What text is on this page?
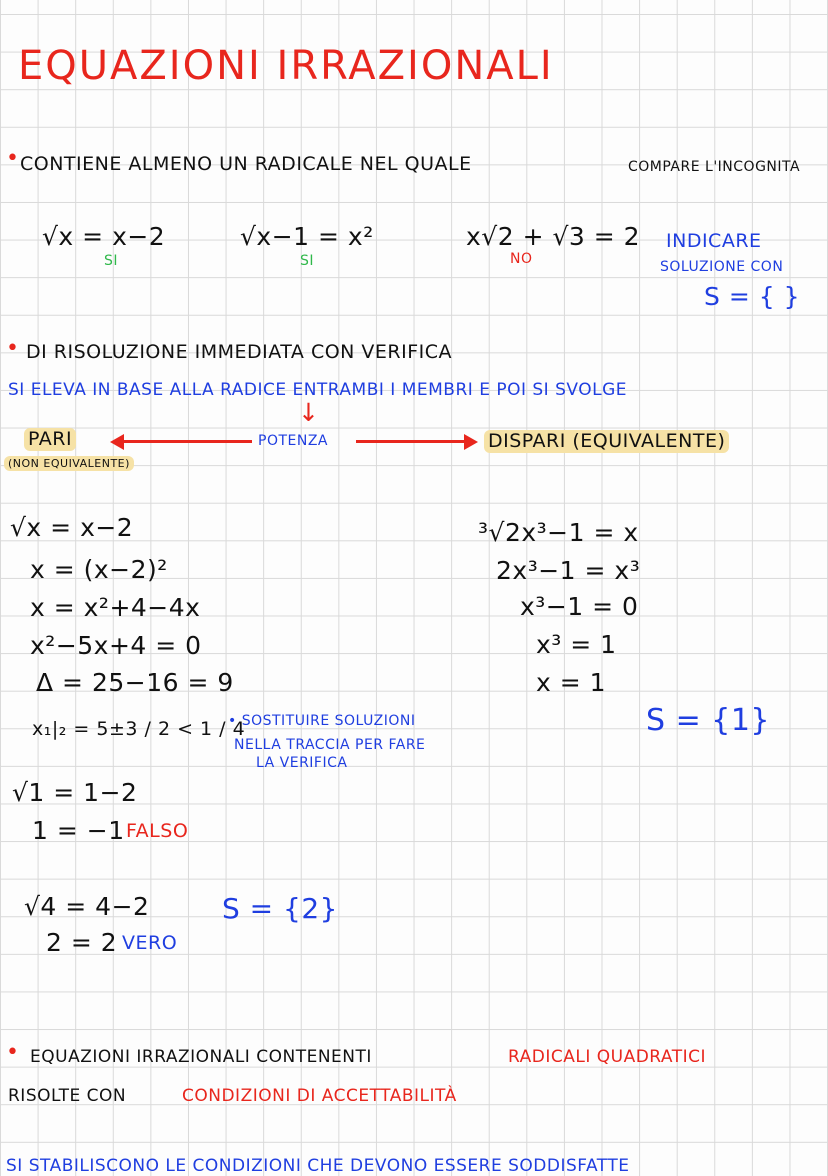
EQUAZIONI IRRAZIONALI
• CONTIENE ALMENO UN RADICALE NEL QUALE	COMPARE L'INCOGNITA
√x = x−2
SI
√x−1 = x²
SI
x√2 + √3 = 2
NO
INDICARE
SOLUZIONE CON
S = { }
• DI RISOLUZIONE IMMEDIATA CON VERIFICA
SI ELEVA IN BASE ALLA RADICE ENTRAMBI I MEMBRI E POI SI SVOLGE
↓
PARI
(NON EQUIVALENTE)
POTENZA	DISPARI (EQUIVALENTE)
√x = x−2
x = (x−2)²
x = x²+4−4x
x²−5x+4 = 0
Δ = 25−16 = 9
x₁|₂ = 5±3 / 2 < 1 / 4
• SOSTITUIRE SOLUZIONI
NELLA TRACCIA PER FARE
LA VERIFICA
√1 = 1−2
1 = −1 FALSO
√4 = 4−2
2 = 2 VERO
S = {2}
³√2x³−1 = x
2x³−1 = x³
x³−1 = 0
x³ = 1
x = 1
S = {1}
• EQUAZIONI IRRAZIONALI CONTENENTI	RADICALI QUADRATICI
RISOLTE CON	CONDIZIONI DI ACCETTABILITÀ
SI STABILISCONO LE CONDIZIONI CHE DEVONO ESSERE SODDISFATTE
